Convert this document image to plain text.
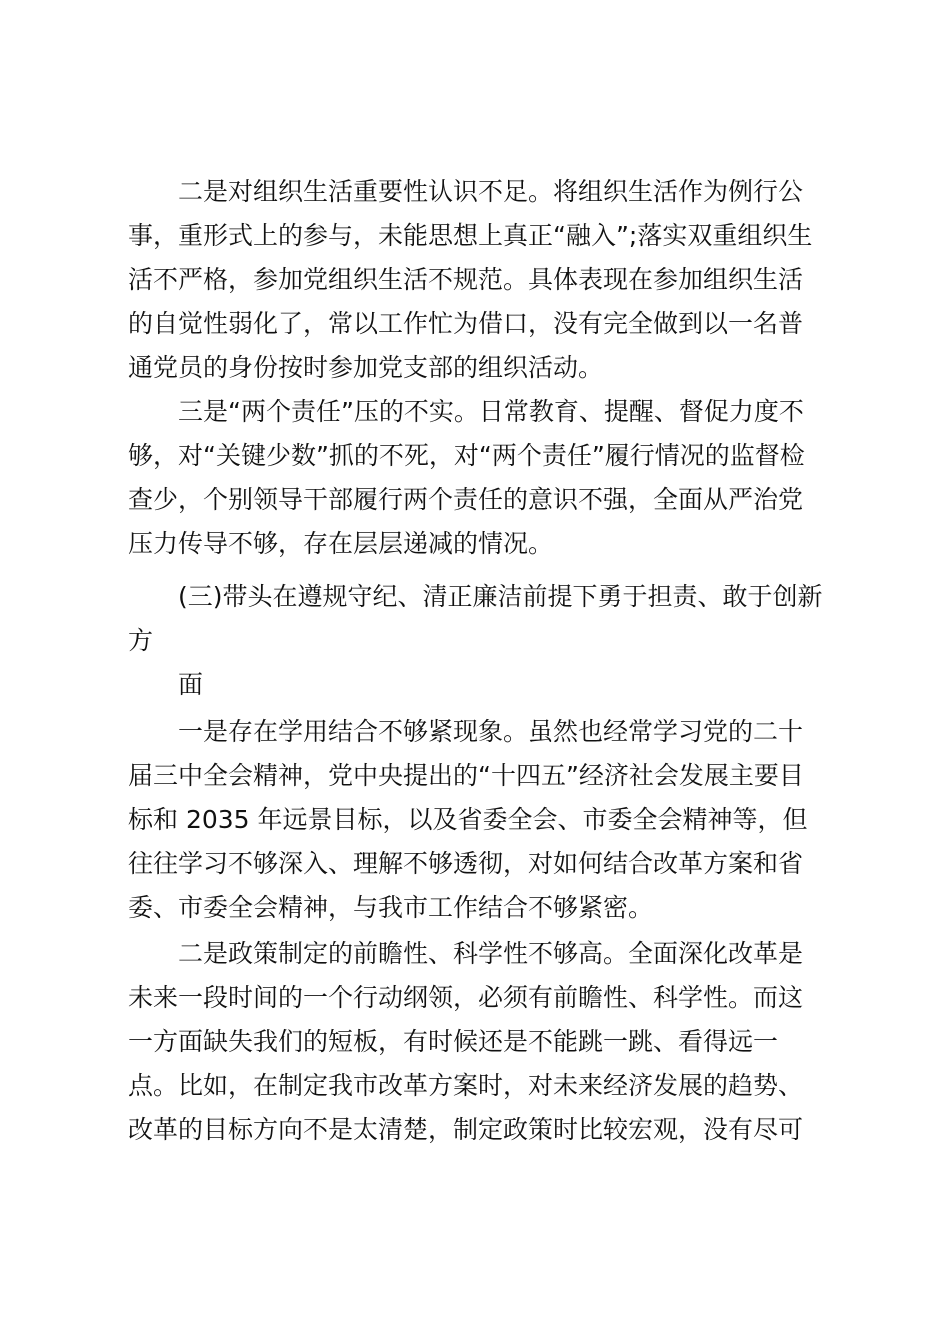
二是对组织生活重要性认识不足。将组织生活作为例行公
事，重形式上的参与，未能思想上真正“融入”;落实双重组织生
活不严格，参加党组织生活不规范。具体表现在参加组织生活
的自觉性弱化了，常以工作忙为借口，没有完全做到以一名普
通党员的身份按时参加党支部的组织活动。
三是“两个责任”压的不实。日常教育、提醒、督促力度不
够，对“关键少数”抓的不死，对“两个责任”履行情况的监督检
查少，个别领导干部履行两个责任的意识不强，全面从严治党
压力传导不够，存在层层递减的情况。
(三)带头在遵规守纪、清正廉洁前提下勇于担责、敢于创新
方
面
一是存在学用结合不够紧现象。虽然也经常学习党的二十
届三中全会精神，党中央提出的“十四五”经济社会发展主要目
标和 2035 年远景目标，以及省委全会、市委全会精神等，但
往往学习不够深入、理解不够透彻，对如何结合改革方案和省
委、市委全会精神，与我市工作结合不够紧密。
二是政策制定的前瞻性、科学性不够高。全面深化改革是
未来一段时间的一个行动纲领，必须有前瞻性、科学性。而这
一方面缺失我们的短板，有时候还是不能跳一跳、看得远一
点。比如，在制定我市改革方案时，对未来经济发展的趋势、
改革的目标方向不是太清楚，制定政策时比较宏观，没有尽可
